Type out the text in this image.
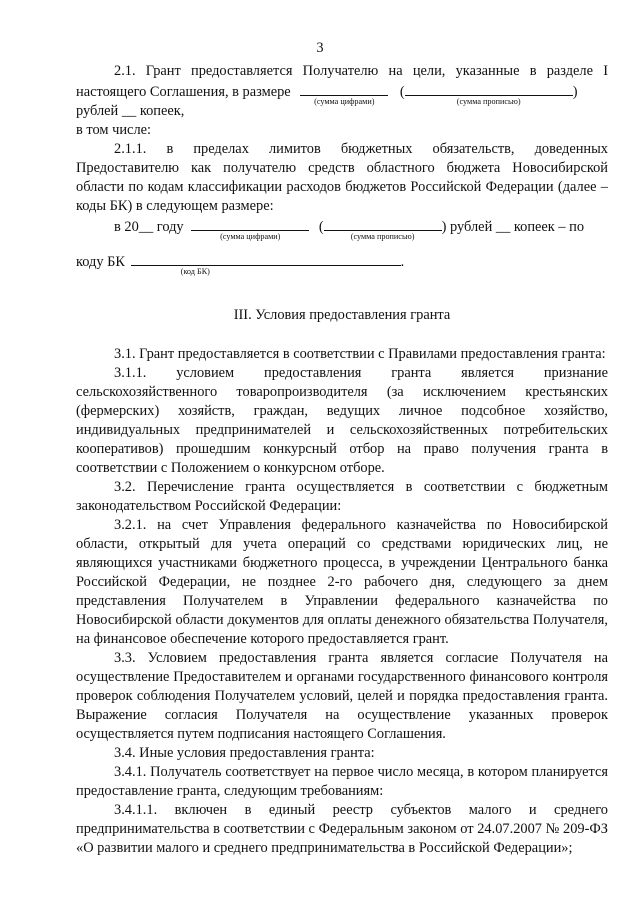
3

2.1. Грант предоставляется Получателю на цели, указанные в разделе I

настоящего Соглашения, в размере
(сумма цифрами)
(
(сумма прописью)
)
рублей __ копеек,
в том числе:

2.1.1. в пределах лимитов бюджетных обязательств, доведенных Предоставителю как получателю средств областного бюджета Новосибирской области по кодам классификации расходов бюджетов Российской Федерации (далее – коды БК) в следующем размере:

в 20__ году
(сумма цифрами)
(
(сумма прописью)
) рублей __ копеек – по
коду БК
(код БК)
.
III. Условия предоставления гранта

3.1. Грант предоставляется в соответствии с Правилами предоставления гранта:

3.1.1. условием предоставления гранта является признание сельскохозяйственного товаропроизводителя (за исключением крестьянских (фермерских) хозяйств, граждан, ведущих личное подсобное хозяйство, индивидуальных предпринимателей и сельскохозяйственных потребительских кооперативов) прошедшим конкурсный отбор на право получения гранта в соответствии с Положением о конкурсном отборе.

3.2. Перечисление гранта осуществляется в соответствии с бюджетным законодательством Российской Федерации:

3.2.1. на счет Управления федерального казначейства по Новосибирской области, открытый для учета операций со средствами юридических лиц, не являющихся участниками бюджетного процесса, в учреждении Центрального банка Российской Федерации, не позднее 2-го рабочего дня, следующего за днем представления Получателем в Управлении федерального казначейства по Новосибирской области документов для оплаты денежного обязательства Получателя, на финансовое обеспечение которого предоставляется грант.

3.3. Условием предоставления гранта является согласие Получателя на осуществление Предоставителем и органами государственного финансового контроля проверок соблюдения Получателем условий, целей и порядка предоставления гранта. Выражение согласия Получателя на осуществление указанных проверок осуществляется путем подписания настоящего Соглашения.

3.4. Иные условия предоставления гранта:

3.4.1. Получатель соответствует на первое число месяца, в котором планируется предоставление гранта, следующим требованиям:

3.4.1.1. включен в единый реестр субъектов малого и среднего предпринимательства в соответствии с Федеральным законом от 24.07.2007 № 209-ФЗ «О развитии малого и среднего предпринимательства в Российской Федерации»;
